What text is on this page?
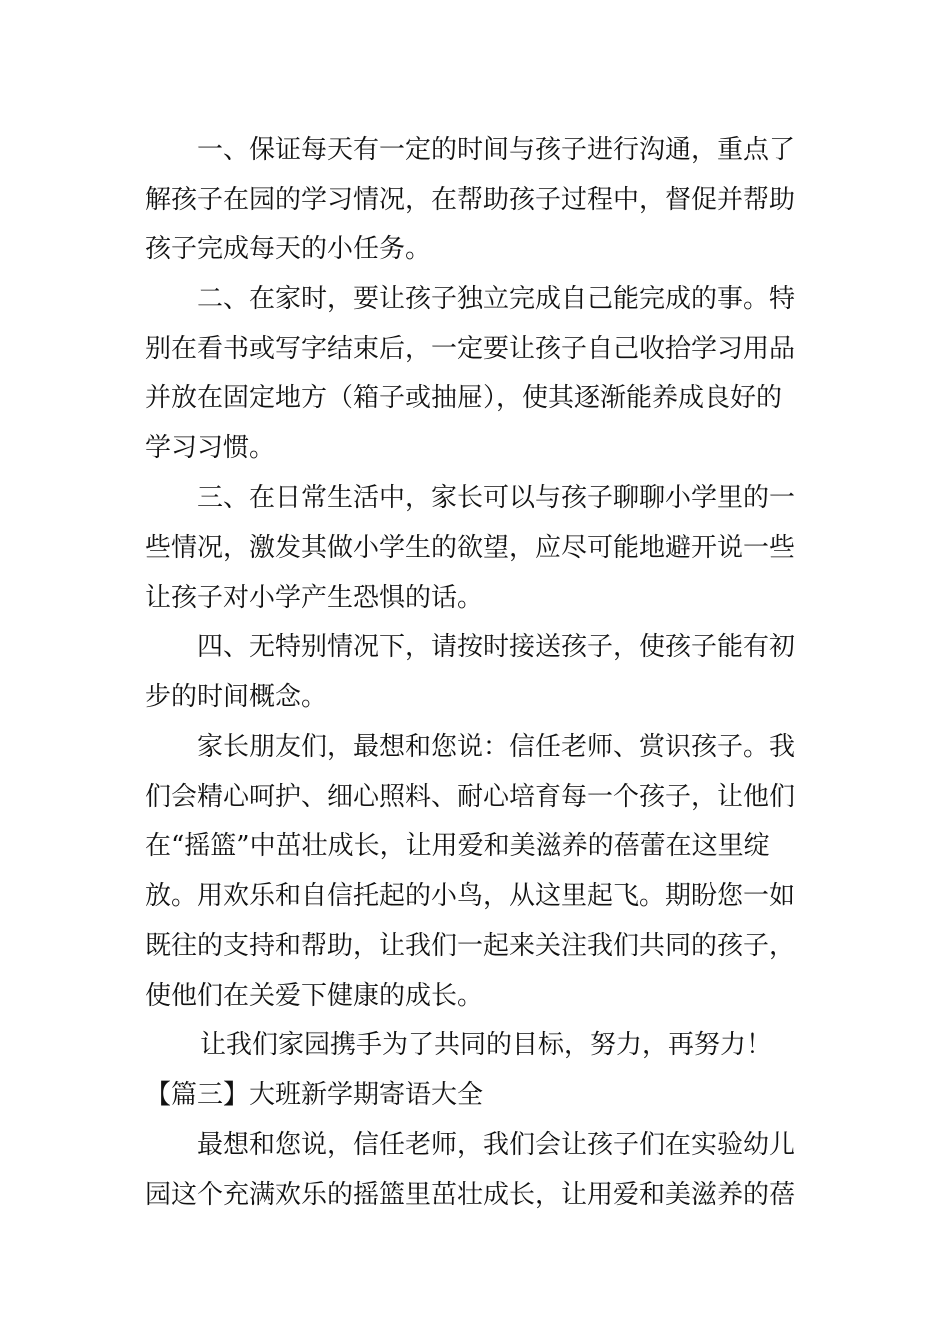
一、保证每天有一定的时间与孩子进行沟通，重点了
解孩子在园的学习情况，在帮助孩子过程中，督促并帮助
孩子完成每天的小任务。
二、在家时，要让孩子独立完成自己能完成的事。特
别在看书或写字结束后，一定要让孩子自己收拾学习用品
并放在固定地方（箱子或抽屉），使其逐渐能养成良好的
学习习惯。
三、在日常生活中，家长可以与孩子聊聊小学里的一
些情况，激发其做小学生的欲望，应尽可能地避开说一些
让孩子对小学产生恐惧的话。
四、无特别情况下，请按时接送孩子，使孩子能有初
步的时间概念。
家长朋友们，最想和您说：信任老师、赏识孩子。我
们会精心呵护、细心照料、耐心培育每一个孩子，让他们
在“摇篮”中茁壮成长，让用爱和美滋养的蓓蕾在这里绽
放。用欢乐和自信托起的小鸟，从这里起飞。期盼您一如
既往的支持和帮助，让我们一起来关注我们共同的孩子，
使他们在关爱下健康的成长。
让我们家园携手为了共同的目标，努力，再努力！
【篇三】大班新学期寄语大全
最想和您说，信任老师，我们会让孩子们在实验幼儿
园这个充满欢乐的摇篮里茁壮成长，让用爱和美滋养的蓓
